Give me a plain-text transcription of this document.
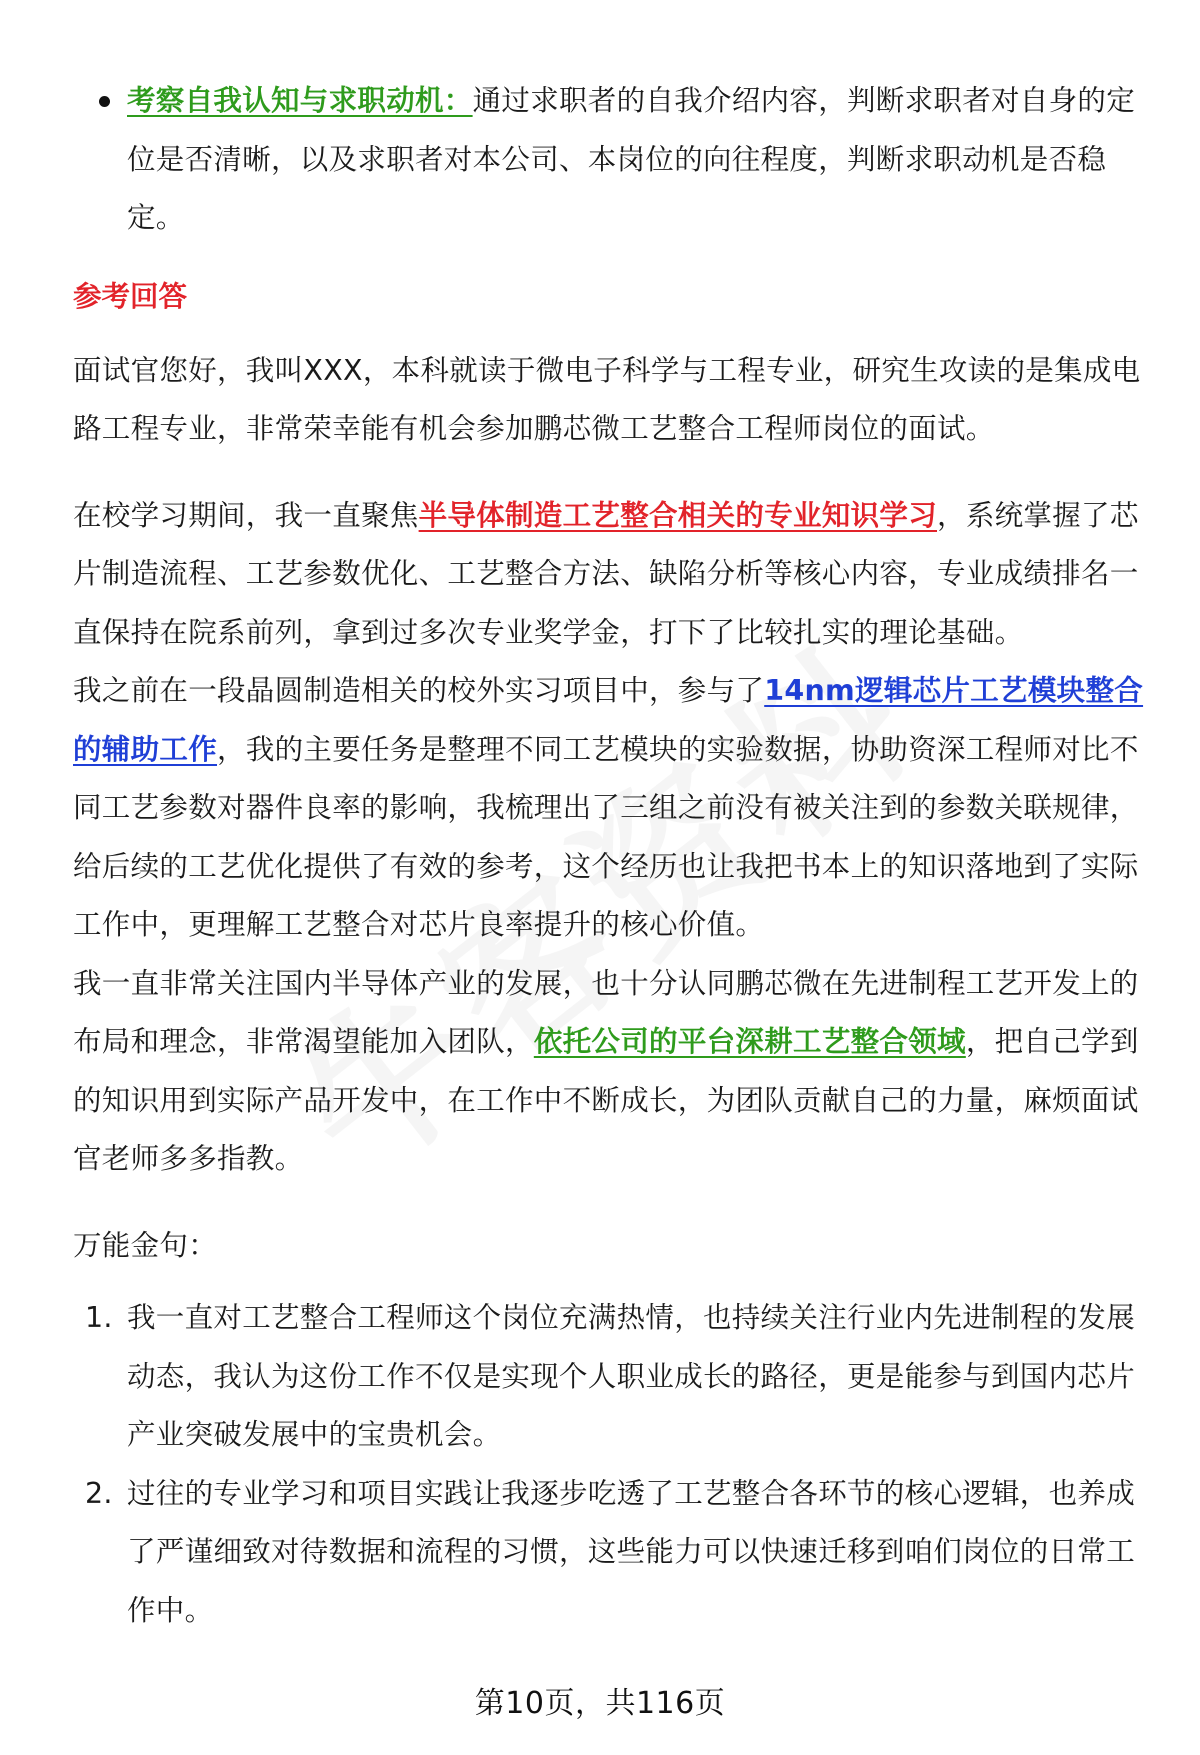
考察自我认知与求职动机：通过求职者的自我介绍内容，判断求职者对自身的定位是否清晰，以及求职者对本公司、本岗位的向往程度，判断求职动机是否稳定。

参考回答

面试官您好，我叫XXX，本科就读于微电子科学与工程专业，研究生攻读的是集成电路工程专业，非常荣幸能有机会参加鹏芯微工艺整合工程师岗位的面试。

在校学习期间，我一直聚焦半导体制造工艺整合相关的专业知识学习，系统掌握了芯片制造流程、工艺参数优化、工艺整合方法、缺陷分析等核心内容，专业成绩排名一直保持在院系前列，拿到过多次专业奖学金，打下了比较扎实的理论基础。

我之前在一段晶圆制造相关的校外实习项目中，参与了14nm逻辑芯片工艺模块整合的辅助工作，我的主要任务是整理不同工艺模块的实验数据，协助资深工程师对比不同工艺参数对器件良率的影响，我梳理出了三组之前没有被关注到的参数关联规律，给后续的工艺优化提供了有效的参考，这个经历也让我把书本上的知识落地到了实际工作中，更理解工艺整合对芯片良率提升的核心价值。

我一直非常关注国内半导体产业的发展，也十分认同鹏芯微在先进制程工艺开发上的布局和理念，非常渴望能加入团队，依托公司的平台深耕工艺整合领域，把自己学到的知识用到实际产品开发中，在工作中不断成长，为团队贡献自己的力量，麻烦面试官老师多多指教。

万能金句：

1. 我一直对工艺整合工程师这个岗位充满热情，也持续关注行业内先进制程的发展动态，我认为这份工作不仅是实现个人职业成长的路径，更是能参与到国内芯片产业突破发展中的宝贵机会。
2. 过往的专业学习和项目实践让我逐步吃透了工艺整合各环节的核心逻辑，也养成了严谨细致对待数据和流程的习惯，这些能力可以快速迁移到咱们岗位的日常工作中。
第10页，共116页
